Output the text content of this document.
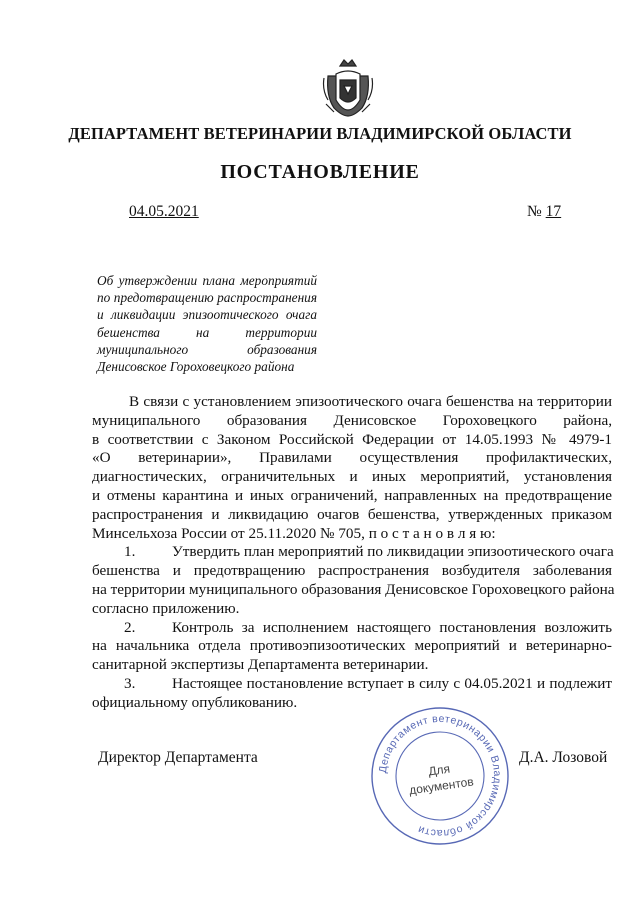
ДЕПАРТАМЕНТ ВЕТЕРИНАРИИ ВЛАДИМИРСКОЙ ОБЛАСТИ
ПОСТАНОВЛЕНИЕ
04.05.2021	№ 17
Об утверждении плана мероприятий
по предотвращению распространения
и ликвидации эпизоотического очага
бешенства на территории
муниципального образования
Денисовское Гороховецкого района
В связи с установлением эпизоотического очага бешенства на территории
муниципального образования Денисовское Гороховецкого района,
в соответствии с Законом Российской Федерации от 14.05.1993 № 4979-1
«О ветеринарии», Правилами осуществления профилактических,
диагностических, ограничительных и иных мероприятий, установления
и отмены карантина и иных ограничений, направленных на предотвращение
распространения и ликвидацию очагов бешенства, утвержденных приказом
Минсельхоза России от 25.11.2020 № 705, п о с т а н о в л я ю:
1. Утвердить план мероприятий по ликвидации эпизоотического очага
бешенства и предотвращению распространения возбудителя заболевания
на территории муниципального образования Денисовское Гороховецкого района
согласно приложению.
2. Контроль за исполнением настоящего постановления возложить
на начальника отдела противоэпизоотических мероприятий и ветеринарно-
санитарной экспертизы Департамента ветеринарии.
3. Настоящее постановление вступает в силу с 04.05.2021 и подлежит
официальному опубликованию.
Директор Департамента	Д.А. Лозовой
Департамент ветеринарии Владимирской области
Для
документов
